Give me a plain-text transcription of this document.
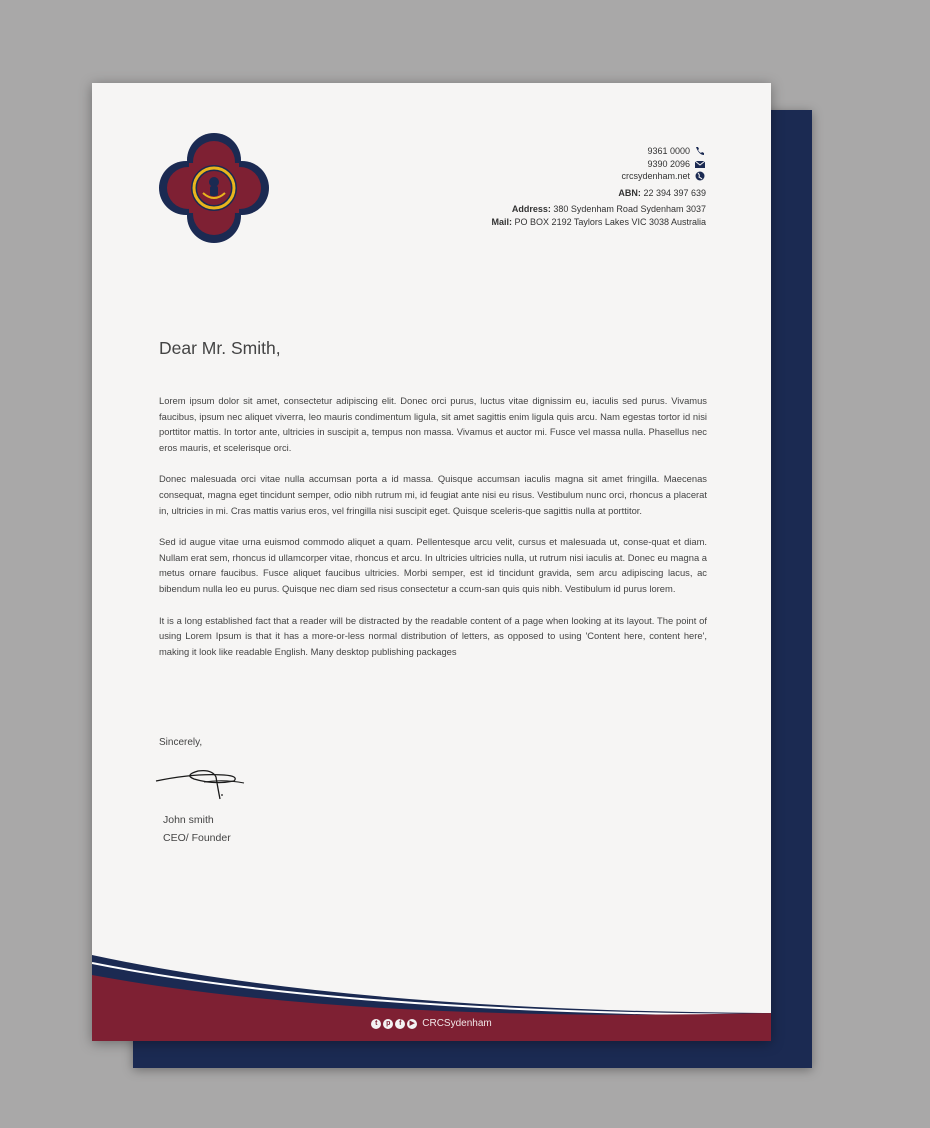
9361 0000
9390 2096
crcsydenham.net
ABN:
22 394 397 639
Address:
380 Sydenham Road Sydenham 3037
Mail:
PO BOX 2192 Taylors Lakes VIC 3038 Australia
Dear Mr. Smith,

Lorem ipsum dolor sit amet, consectetur adipiscing elit. Donec orci purus, luctus vitae dignissim eu, iaculis sed purus. Vivamus faucibus, ipsum nec aliquet viverra, leo mauris condimentum ligula, sit amet sagittis enim ligula quis arcu. Nam egestas tortor id nisi porttitor mattis. In tortor ante, ultricies in suscipit a, tempus non massa. Vivamus et auctor mi. Fusce vel massa nulla. Phasellus nec eros mauris, et scelerisque orci.

Donec malesuada orci vitae nulla accumsan porta a id massa. Quisque accumsan iaculis magna sit amet fringilla. Maecenas consequat, magna eget tincidunt semper, odio nibh rutrum mi, id feugiat ante nisi eu risus. Vestibulum nunc orci, rhoncus a placerat in, ultricies in mi. Cras mattis varius eros, vel fringilla nisi suscipit eget. Quisque sceleris-que sagittis nulla at porttitor.

Sed id augue vitae urna euismod commodo aliquet a quam. Pellentesque arcu velit, cursus et malesuada ut, conse-quat et diam. Nullam erat sem, rhoncus id ullamcorper vitae, rhoncus et arcu. In ultricies ultricies nulla, ut rutrum nisi iaculis at. Donec eu magna a metus ornare faucibus. Fusce aliquet faucibus ultricies. Morbi semper, est id tincidunt gravida, sem arcu adipiscing lacus, ac bibendum nulla leo eu purus. Quisque nec diam sed risus consectetur a ccum-san quis quis nibh. Vestibulum id purus lorem.

It is a long established fact that a reader will be distracted by the readable content of a page when looking at its layout. The point of using Lorem Ipsum is that it has a more-or-less normal distribution of letters, as opposed to using 'Content here, content here', making it look like readable English. Many desktop publishing packages

Sincerely,
John smith
CEO/ Founder
t	p	f	▶ CRCSydenham
